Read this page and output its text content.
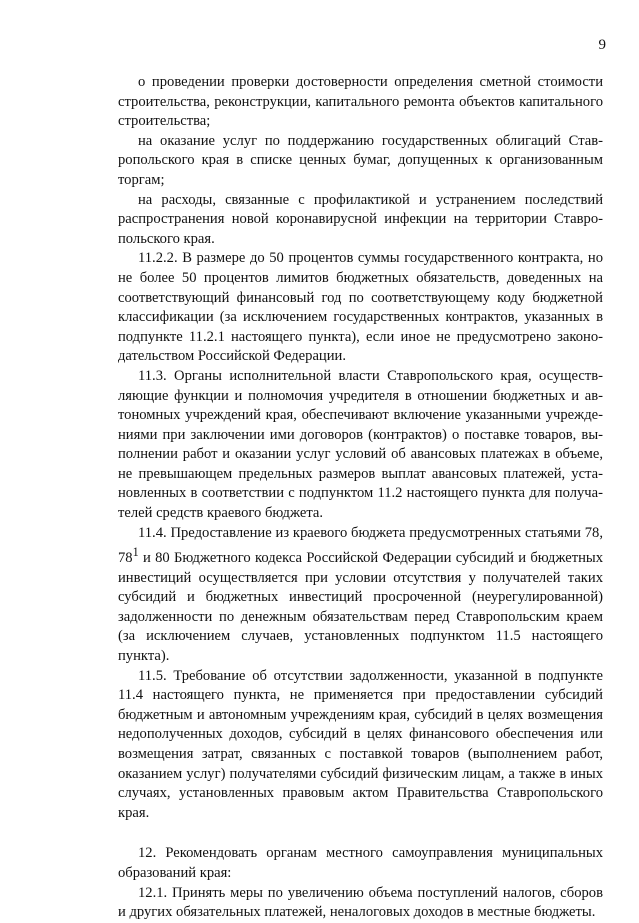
9

о проведении проверки достоверности определения сметной стоимости строительства, реконструкции, капитального ремонта объектов капитального строительства;

на оказание услуг по поддержанию государственных облигаций Ставропольского края в списке ценных бумаг, допущенных к организованным торгам;

на расходы, связанные с профилактикой и устранением последствий распространения новой коронавирусной инфекции на территории Ставропольского края.

11.2.2. В размере до 50 процентов суммы государственного контракта, но не более 50 процентов лимитов бюджетных обязательств, доведенных на соответствующий финансовый год по соответствующему коду бюджетной классификации (за исключением государственных контрактов, указанных в подпункте 11.2.1 настоящего пункта), если иное не предусмотрено законодательством Российской Федерации.

11.3. Органы исполнительной власти Ставропольского края, осуществляющие функции и полномочия учредителя в отношении бюджетных и автономных учреждений края, обеспечивают включение указанными учреждениями при заключении ими договоров (контрактов) о поставке товаров, выполнении работ и оказании услуг условий об авансовых платежах в объеме, не превышающем предельных размеров выплат авансовых платежей, установленных в соответствии с подпунктом 11.2 настоящего пункта для получателей средств краевого бюджета.

11.4. Предоставление из краевого бюджета предусмотренных статьями 78, $78^1$ и 80 Бюджетного кодекса Российской Федерации субсидий и бюджетных инвестиций осуществляется при условии отсутствия у получателей таких субсидий и бюджетных инвестиций просроченной (неурегулированной) задолженности по денежным обязательствам перед Ставропольским краем (за исключением случаев, установленных подпунктом 11.5 настоящего пункта).

11.5. Требование об отсутствии задолженности, указанной в подпункте 11.4 настоящего пункта, не применяется при предоставлении субсидий бюджетным и автономным учреждениям края, субсидий в целях возмещения недополученных доходов, субсидий в целях финансового обеспечения или возмещения затрат, связанных с поставкой товаров (выполнением работ, оказанием услуг) получателями субсидий физическим лицам, а также в иных случаях, установленных правовым актом Правительства Ставропольского края.

12. Рекомендовать органам местного самоуправления муниципальных образований края:

12.1. Принять меры по увеличению объема поступлений налогов, сборов и других обязательных платежей, неналоговых доходов в местные бюджеты.
